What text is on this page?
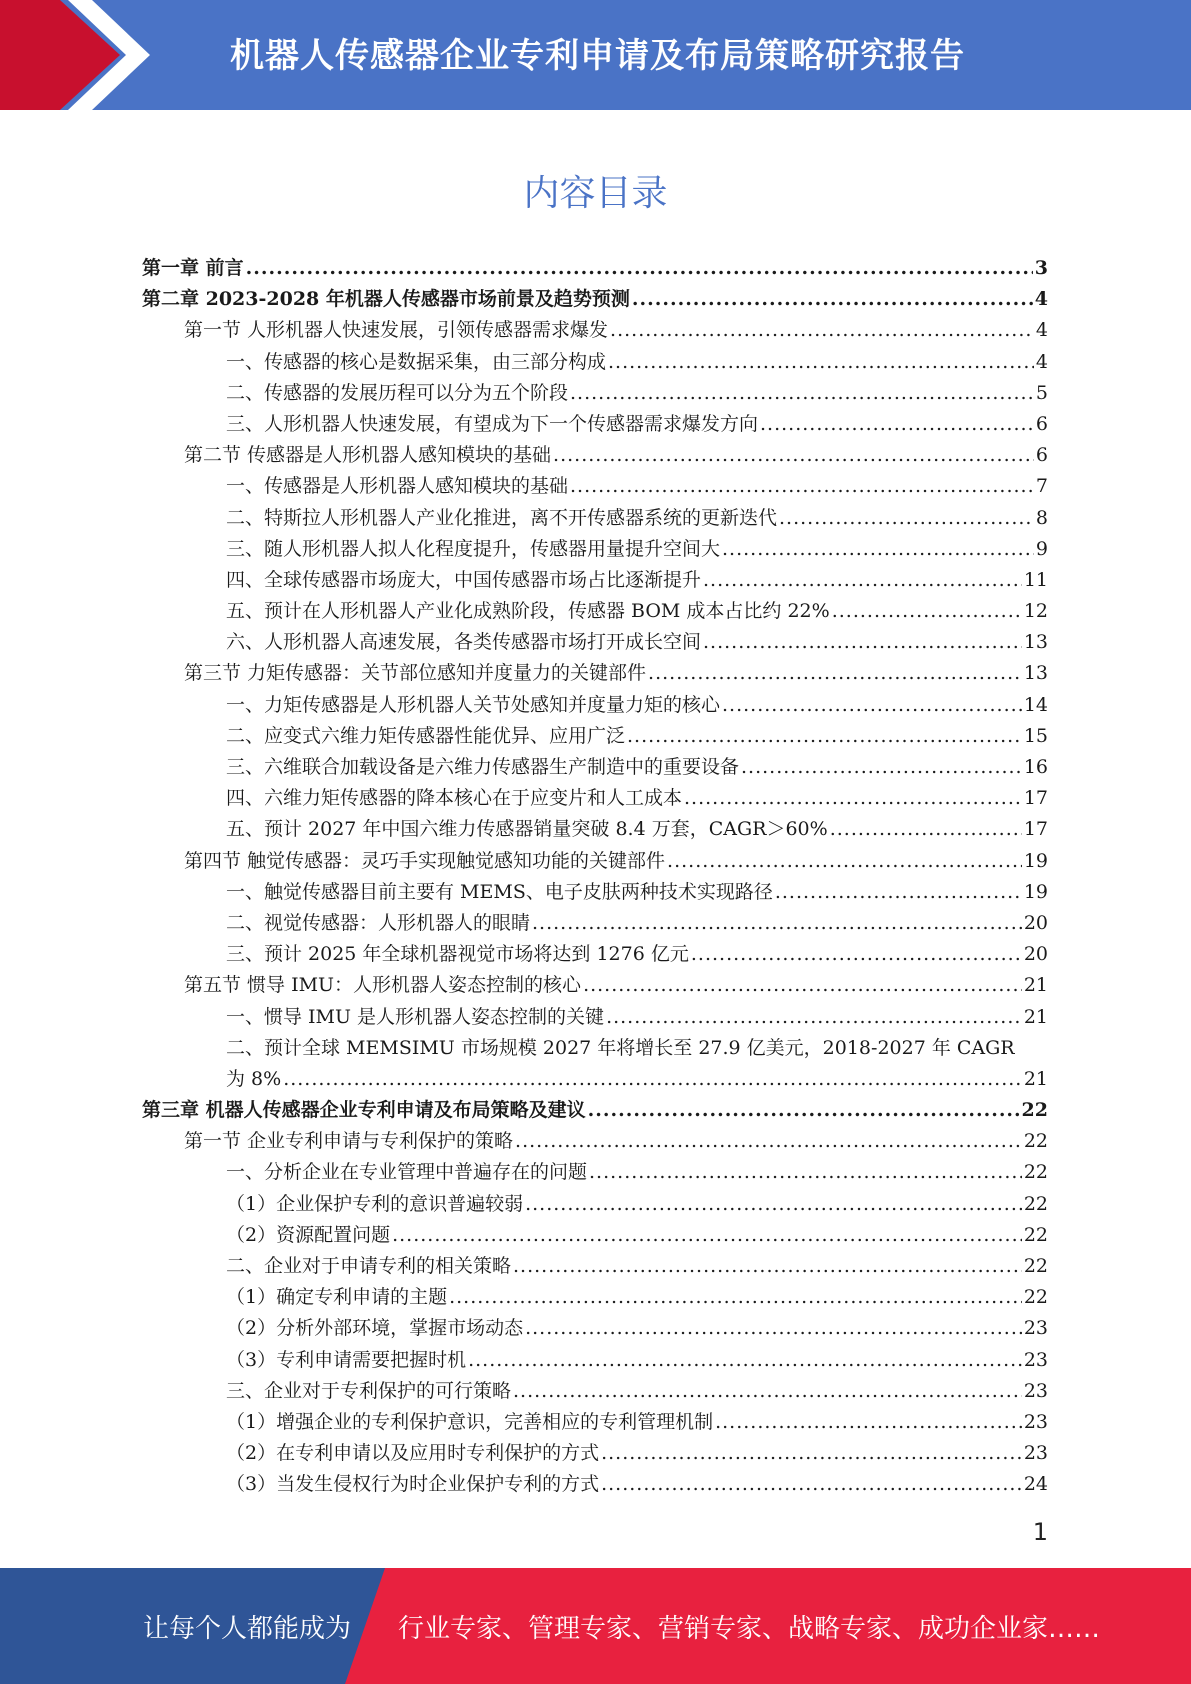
机器人传感器企业专利申请及布局策略研究报告
内容目录
第一章 前言 .....	3
第二章 2023-2028 年机器人传感器市场前景及趋势预测 .....	4
第一节 人形机器人快速发展，引领传感器需求爆发 .....	4
一、传感器的核心是数据采集，由三部分构成 .....	4
二、传感器的发展历程可以分为五个阶段 .....	5
三、人形机器人快速发展，有望成为下一个传感器需求爆发方向 .....	6
第二节 传感器是人形机器人感知模块的基础 .....	6
一、传感器是人形机器人感知模块的基础 .....	7
二、特斯拉人形机器人产业化推进，离不开传感器系统的更新迭代 .....	8
三、随人形机器人拟人化程度提升，传感器用量提升空间大 .....	9
四、全球传感器市场庞大，中国传感器市场占比逐渐提升 .....	11
五、预计在人形机器人产业化成熟阶段，传感器 BOM 成本占比约 22% .....	12
六、人形机器人高速发展，各类传感器市场打开成长空间 .....	13
第三节 力矩传感器：关节部位感知并度量力的关键部件 .....	13
一、力矩传感器是人形机器人关节处感知并度量力矩的核心 .....	14
二、应变式六维力矩传感器性能优异、应用广泛 .....	15
三、六维联合加载设备是六维力传感器生产制造中的重要设备 .....	16
四、六维力矩传感器的降本核心在于应变片和人工成本 .....	17
五、预计 2027 年中国六维力传感器销量突破 8.4 万套，CAGR＞60% .....	17
第四节 触觉传感器：灵巧手实现触觉感知功能的关键部件 .....	19
一、触觉传感器目前主要有 MEMS、电子皮肤两种技术实现路径 .....	19
二、视觉传感器：人形机器人的眼睛 .....	20
三、预计 2025 年全球机器视觉市场将达到 1276 亿元 .....	20
第五节 惯导 IMU：人形机器人姿态控制的核心 .....	21
一、惯导 IMU 是人形机器人姿态控制的关键 .....	21
二、预计全球 MEMSIMU 市场规模 2027 年将增长至 27.9 亿美元，2018-2027 年 CAGR
为 8% .....	21
第三章 机器人传感器企业专利申请及布局策略及建议 .....	22
第一节 企业专利申请与专利保护的策略 .....	22
一、分析企业在专业管理中普遍存在的问题 .....	22
（1）企业保护专利的意识普遍较弱 .....	22
（2）资源配置问题 .....	22
二、企业对于申请专利的相关策略 .....	22
（1）确定专利申请的主题 .....	22
（2）分析外部环境，掌握市场动态 .....	23
（3）专利申请需要把握时机 .....	23
三、企业对于专利保护的可行策略 .....	23
（1）增强企业的专利保护意识，完善相应的专利管理机制 .....	23
（2）在专利申请以及应用时专利保护的方式 .....	23
（3）当发生侵权行为时企业保护专利的方式 .....	24
1
让每个人都能成为 行业专家、管理专家、营销专家、战略专家、成功企业家……
